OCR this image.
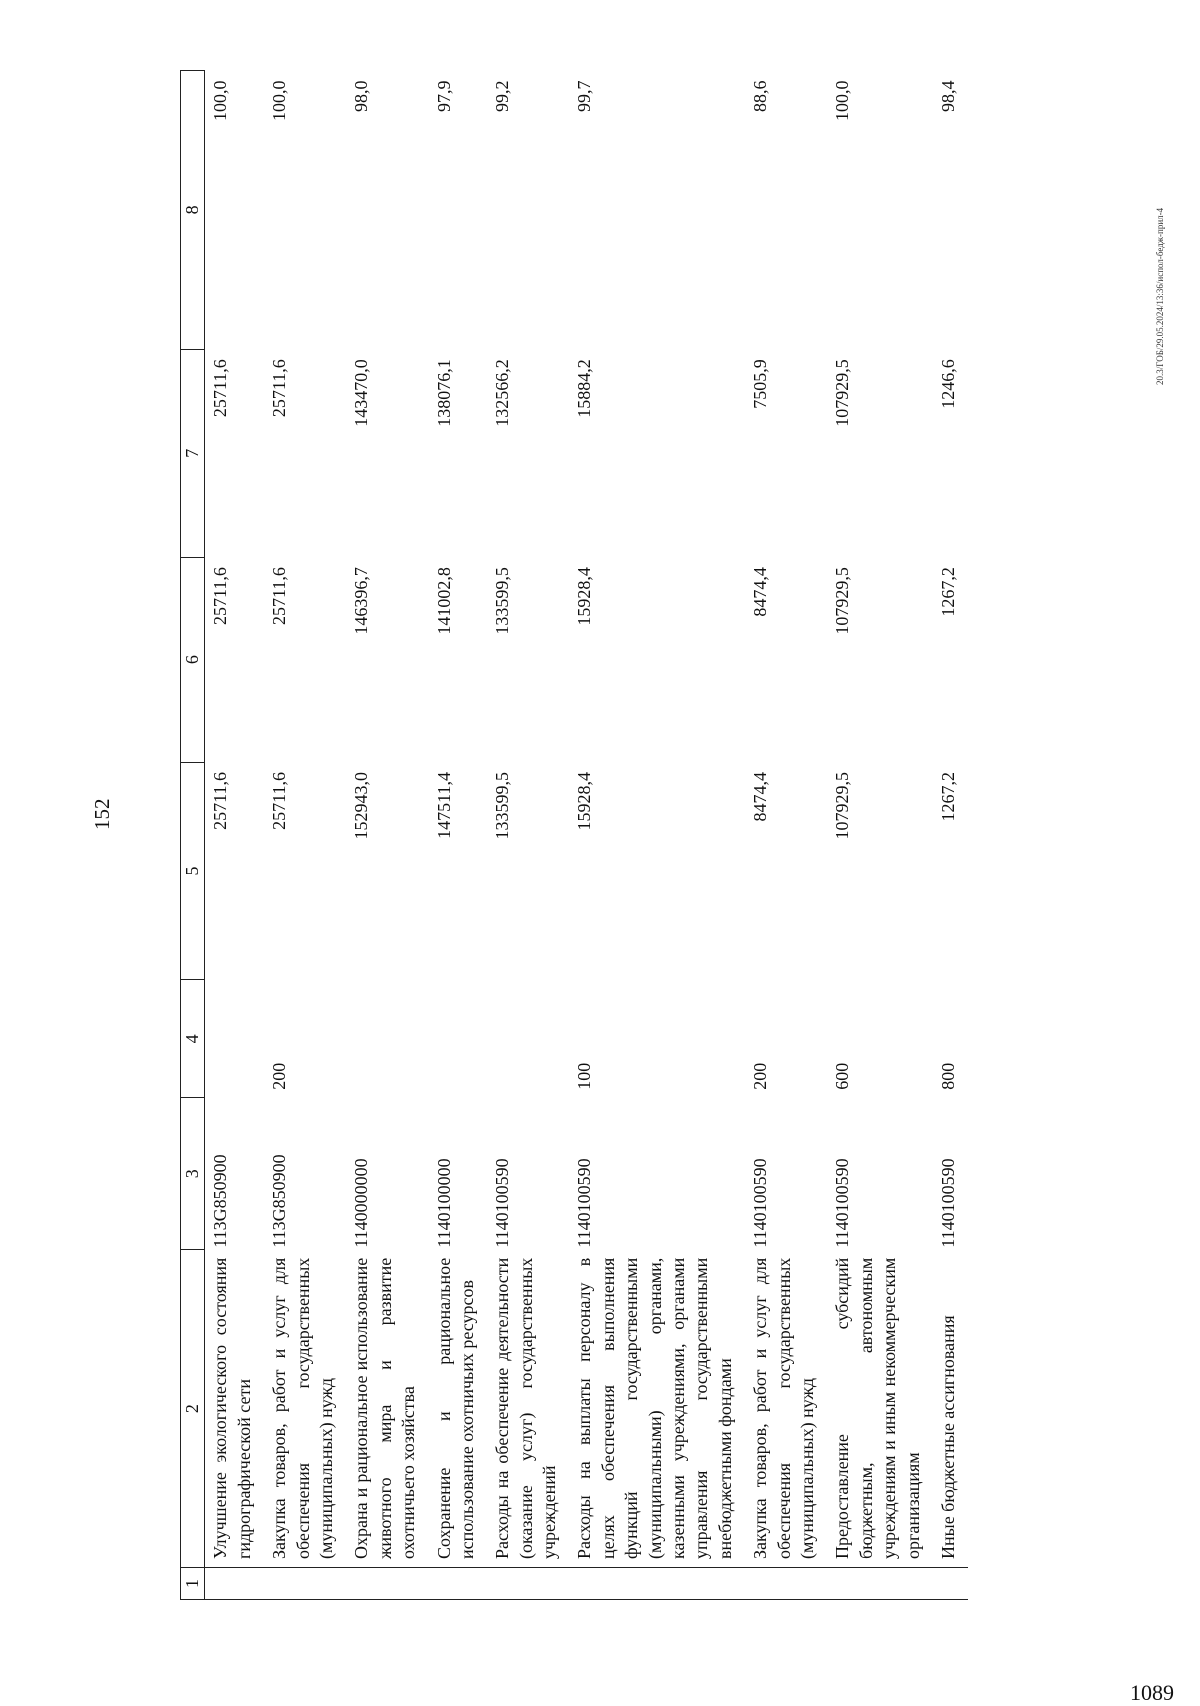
152
20.3/ГОБ/29.05.2024/13:36/испол-бедж-прил-4
1089
1	2	3	4	5	6	7	8
	Улучшение экологического состояния гидрографической сети	113G850900		25711,6	25711,6	25711,6	100,0
	Закупка товаров, работ и услуг для обеспечения государственных (муниципальных) нужд	113G850900	200	25711,6	25711,6	25711,6	100,0
	Охрана и рациональное использование животного мира и развитие охотничьего хозяйства	1140000000		152943,0	146396,7	143470,0	98,0
	Сохранение и рациональное использование охотничьих ресурсов	1140100000		147511,4	141002,8	138076,1	97,9
	Расходы на обеспечение деятельности (оказание услуг) государственных учреждений	1140100590		133599,5	133599,5	132566,2	99,2
	Расходы на выплаты персоналу в целях обеспечения выполнения функций государственными (муниципальными) органами, казенными учреждениями, органами управления государственными внебюджетными фондами	1140100590	100	15928,4	15928,4	15884,2	99,7
	Закупка товаров, работ и услуг для обеспечения государственных (муниципальных) нужд	1140100590	200	8474,4	8474,4	7505,9	88,6
	Предоставление субсидий бюджетным, автономным учреждениям и иным некоммерческим организациям	1140100590	600	107929,5	107929,5	107929,5	100,0
	Иные бюджетные ассигнования	1140100590	800	1267,2	1267,2	1246,6	98,4
